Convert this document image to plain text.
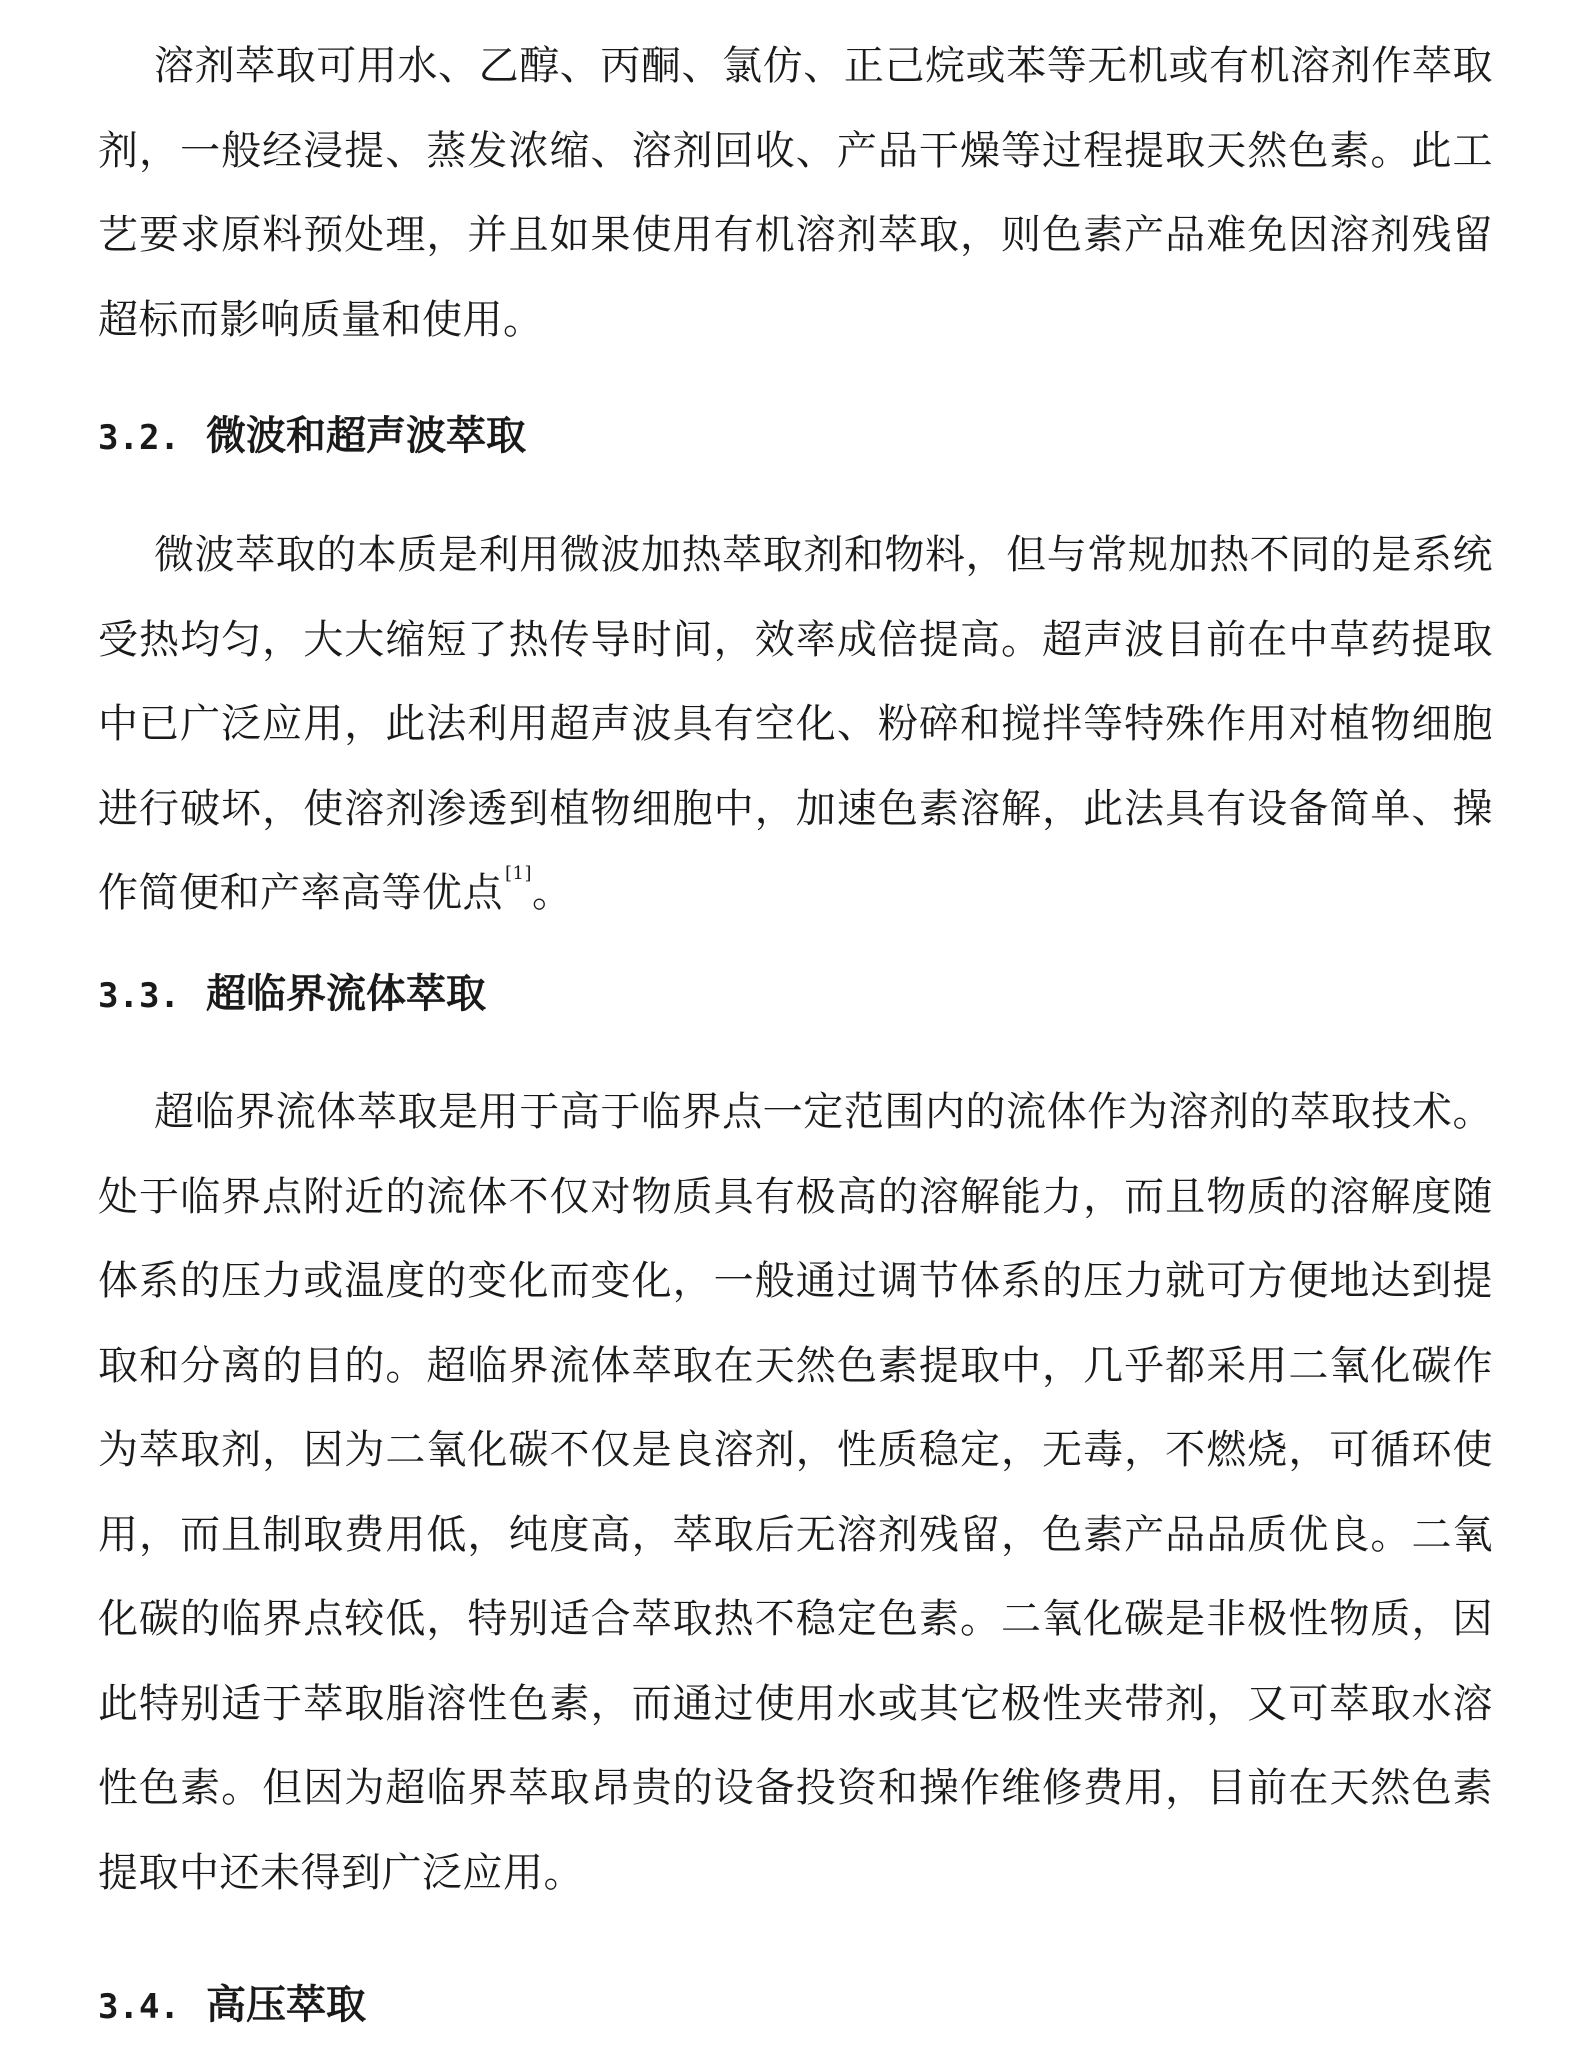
溶剂萃取可用水、乙醇、丙酮、氯仿、正己烷或苯等无机或有机溶剂作萃取剂，一般经浸提、蒸发浓缩、溶剂回收、产品干燥等过程提取天然色素。此工艺要求原料预处理，并且如果使用有机溶剂萃取，则色素产品难免因溶剂残留超标而影响质量和使用。

3.2. 微波和超声波萃取

微波萃取的本质是利用微波加热萃取剂和物料，但与常规加热不同的是系统受热均匀，大大缩短了热传导时间，效率成倍提高。超声波目前在中草药提取中已广泛应用，此法利用超声波具有空化、粉碎和搅拌等特殊作用对植物细胞进行破坏，使溶剂渗透到植物细胞中，加速色素溶解，此法具有设备简单、操作简便和产率高等优点 [1]。

3.3. 超临界流体萃取

超临界流体萃取是用于高于临界点一定范围内的流体作为溶剂的萃取技术。处于临界点附近的流体不仅对物质具有极高的溶解能力，而且物质的溶解度随体系的压力或温度的变化而变化，一般通过调节体系的压力就可方便地达到提取和分离的目的。超临界流体萃取在天然色素提取中，几乎都采用二氧化碳作为萃取剂，因为二氧化碳不仅是良溶剂，性质稳定，无毒，不燃烧，可循环使用，而且制取费用低，纯度高，萃取后无溶剂残留，色素产品品质优良。二氧化碳的临界点较低，特别适合萃取热不稳定色素。二氧化碳是非极性物质，因此特别适于萃取脂溶性色素，而通过使用水或其它极性夹带剂，又可萃取水溶性色素。但因为超临界萃取昂贵的设备投资和操作维修费用，目前在天然色素提取中还未得到广泛应用。

3.4. 高压萃取
